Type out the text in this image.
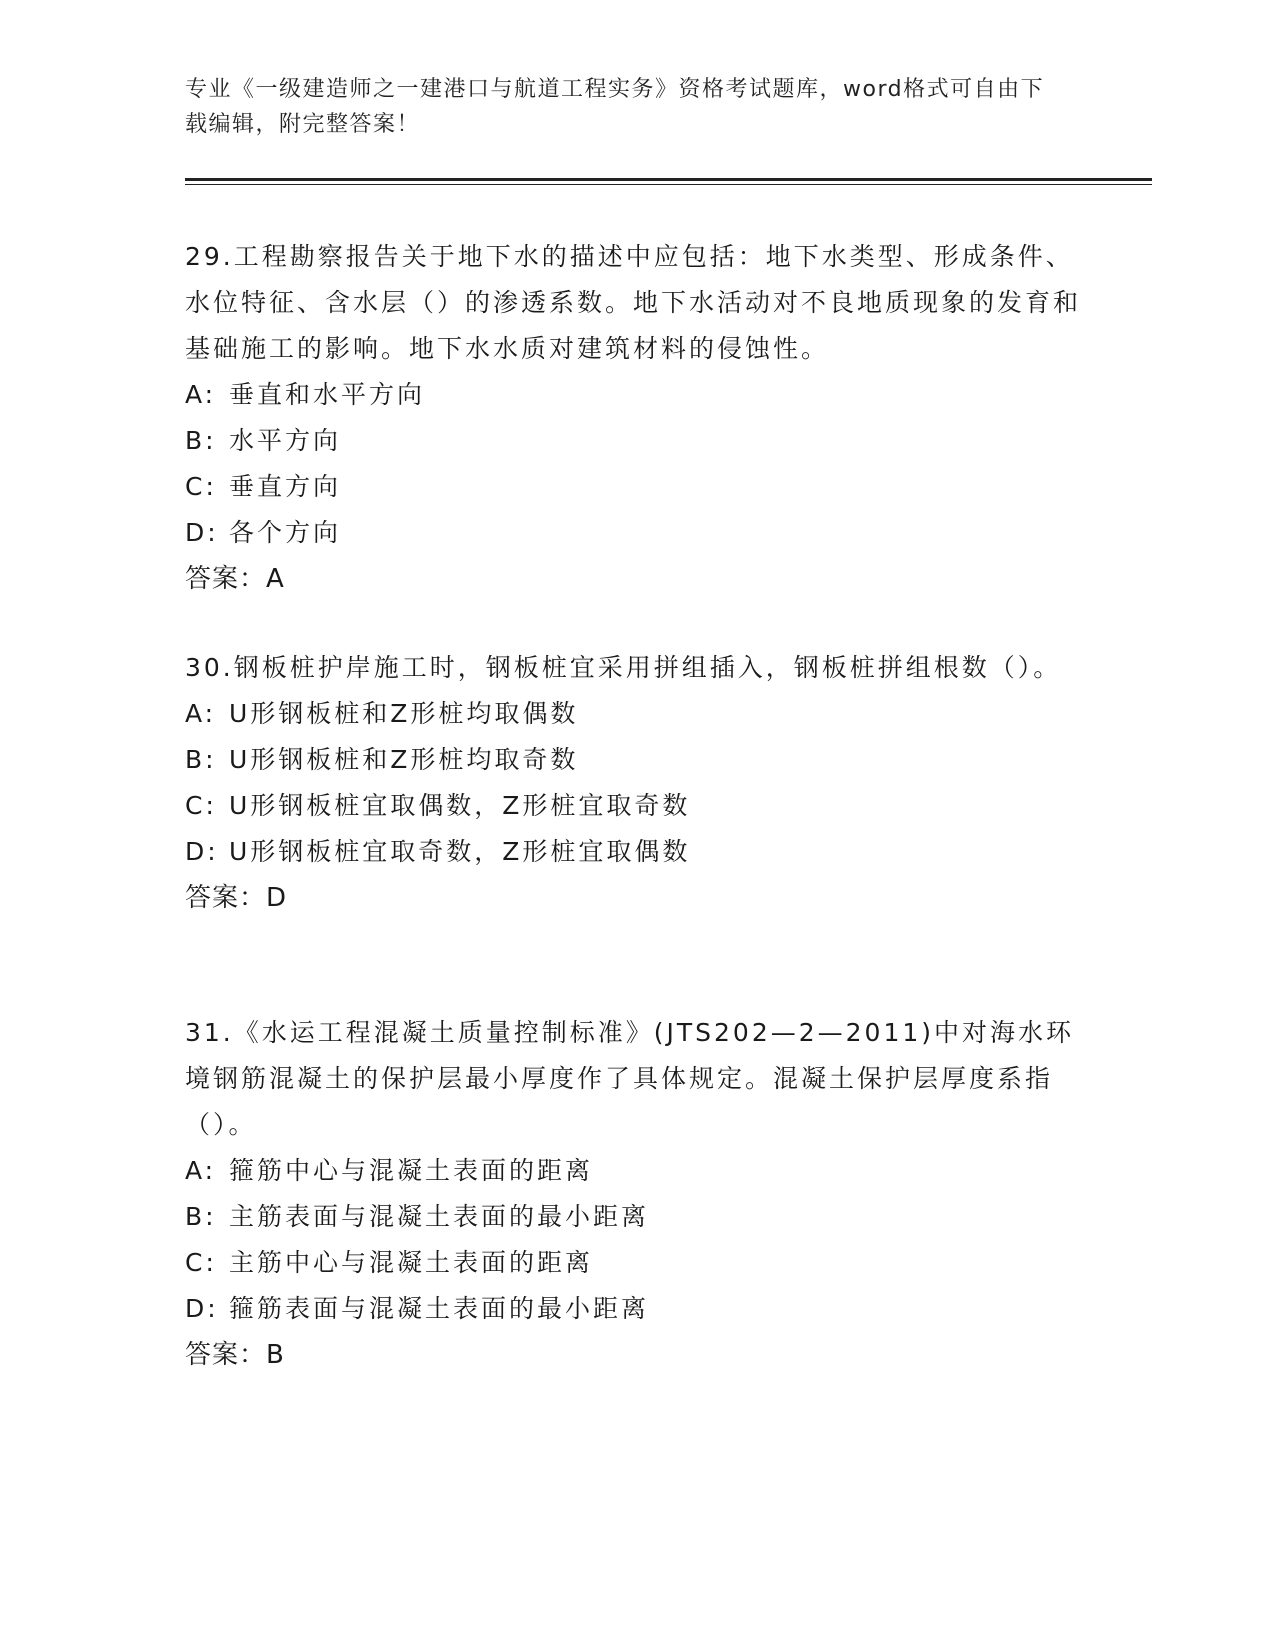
专业《一级建造师之一建港口与航道工程实务》资格考试题库，word格式可自由下载编辑，附完整答案！

29.工程勘察报告关于地下水的描述中应包括：地下水类型、形成条件、水位特征、含水层（）的渗透系数。地下水活动对不良地质现象的发育和基础施工的影响。地下水水质对建筑材料的侵蚀性。

A: 垂直和水平方向
B: 水平方向
C: 垂直方向
D: 各个方向
答案：A

30.钢板桩护岸施工时，钢板桩宜采用拼组插入，钢板桩拼组根数（）。

A: U形钢板桩和Z形桩均取偶数
B: U形钢板桩和Z形桩均取奇数
C: U形钢板桩宜取偶数，Z形桩宜取奇数
D: U形钢板桩宜取奇数，Z形桩宜取偶数
答案：D

31.《水运工程混凝土质量控制标准》(JTS202—2—2011)中对海水环境钢筋混凝土的保护层最小厚度作了具体规定。混凝土保护层厚度系指（）。

A: 箍筋中心与混凝土表面的距离
B: 主筋表面与混凝土表面的最小距离
C: 主筋中心与混凝土表面的距离
D: 箍筋表面与混凝土表面的最小距离
答案：B
